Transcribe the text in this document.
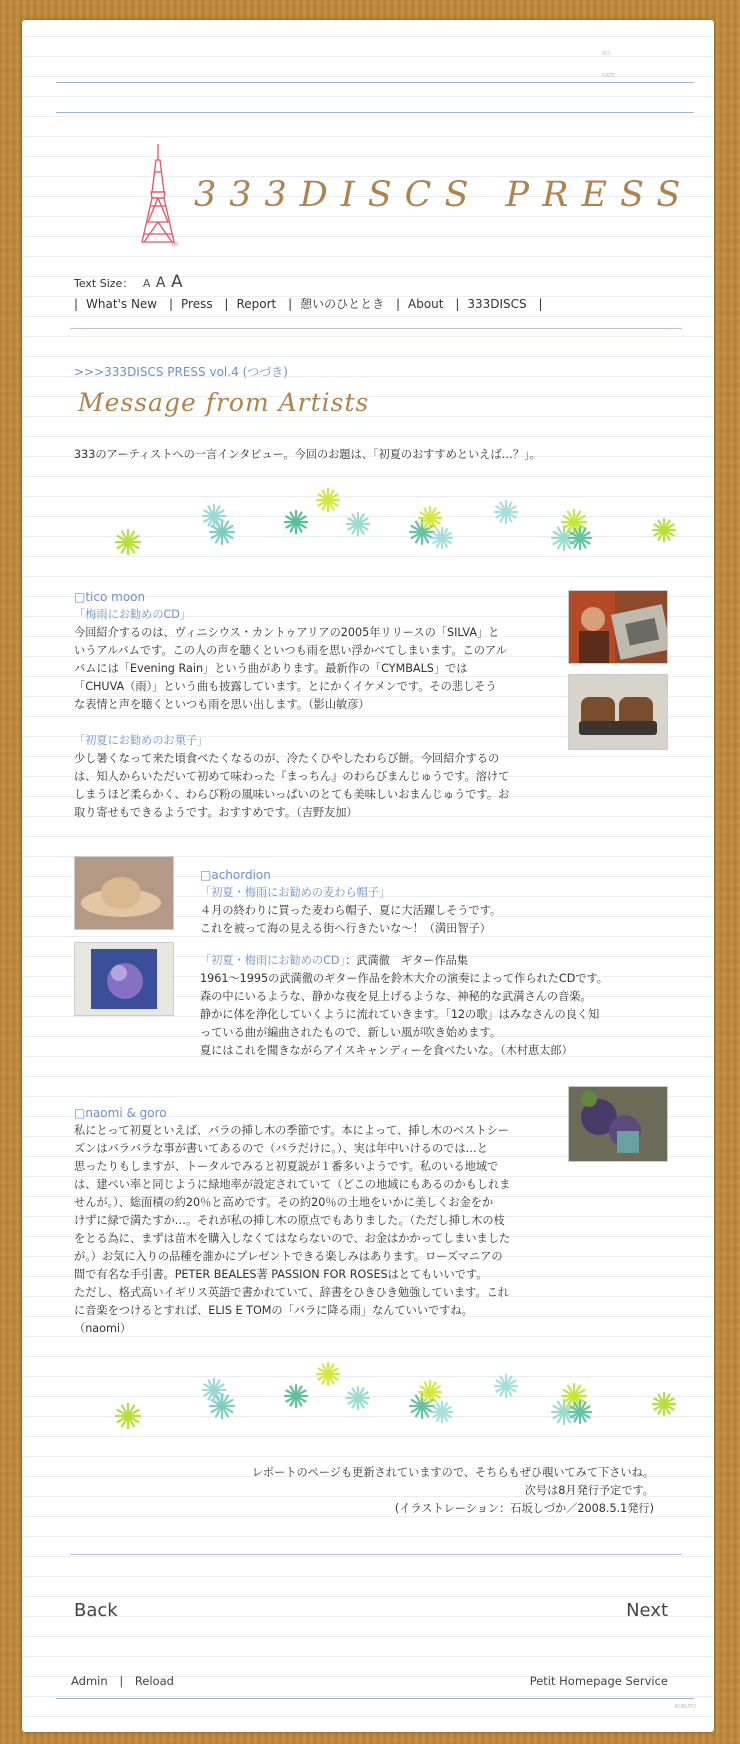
NO.
DATE
m
333DISCS PRESS
Text Size： A A A
| What's New | Press | Report | 憩いのひととき | About | 333DISCS |
>>>333DISCS PRESS vol.4 (つづき)
Message from Artists
333のアーティストへの一言インタビュー。今回のお題は、「初夏のおすすめといえば…？」。
□tico moon
「梅雨にお勧めのCD」
今回紹介するのは、ヴィニシウス・カントゥアリアの2005年リリースの「SILVA」と
いうアルバムです。この人の声を聴くといつも雨を思い浮かべてしまいます。このアル
バムには「Evening Rain」という曲があります。最新作の「CYMBALS」では
「CHUVA（雨）」という曲も披露しています。とにかくイケメンです。その悲しそう
な表情と声を聴くといつも雨を思い出します。（影山敏彦）
「初夏にお勧めのお菓子」
少し暑くなって来た頃食べたくなるのが、冷たくひやしたわらび餅。今回紹介するの
は、知人からいただいて初めて味わった『まっちん』のわらびまんじゅうです。溶けて
しまうほど柔らかく、わらび粉の風味いっぱいのとても美味しいおまんじゅうです。お
取り寄せもできるようです。おすすめです。（吉野友加）
□achordion
「初夏・梅雨にお勧めの麦わら帽子」
４月の終わりに買った麦わら帽子、夏に大活躍しそうです。
これを被って海の見える街へ行きたいな～！（満田智子）
「初夏・梅雨にお勧めのCD」：武満徹　ギター作品集
1961～1995の武満徹のギター作品を鈴木大介の演奏によって作られたCDです。
森の中にいるような、静かな夜を見上げるような、神秘的な武満さんの音楽。
静かに体を浄化していくように流れていきます。「12の歌」はみなさんの良く知
っている曲が編曲されたもので、新しい風が吹き始めます。
夏にはこれを聞きながらアイスキャンディーを食べたいな。（木村恵太郎）
□naomi & goro
私にとって初夏といえば、バラの挿し木の季節です。本によって、挿し木のベストシー
ズンはバラバラな事が書いてあるので（バラだけに。）、実は年中いけるのでは…と
思ったりもしますが、トータルでみると初夏説が１番多いようです。私のいる地域で
は、建ぺい率と同じように緑地率が設定されていて（どこの地域にもあるのかもしれま
せんが。）、総面積の約20％と高めです。その約20％の土地をいかに美しくお金をか
けずに緑で満たすか…。それが私の挿し木の原点でもありました。（ただし挿し木の枝
をとる為に、まずは苗木を購入しなくてはならないので、お金はかかってしまいました
が。）お気に入りの品種を誰かにプレゼントできる楽しみはあります。ローズマニアの
間で有名な手引書。PETER BEALES著 PASSION FOR ROSESはとてもいいです。
ただし、格式高いイギリス英語で書かれていて、辞書をひきひき勉強しています。これ
に音楽をつけるとすれば、ELIS E TOMの「バラに降る雨」なんていいですね。
（naomi）
レポートのページも更新されていますので、そちらもぜひ覗いてみて下さいね。
次号は8月発行予定です。
(イラストレーション：石坂しづか／2008.5.1発行)
Back	Next
Admin | Reload	Petit Homepage Service
ROBUTO
